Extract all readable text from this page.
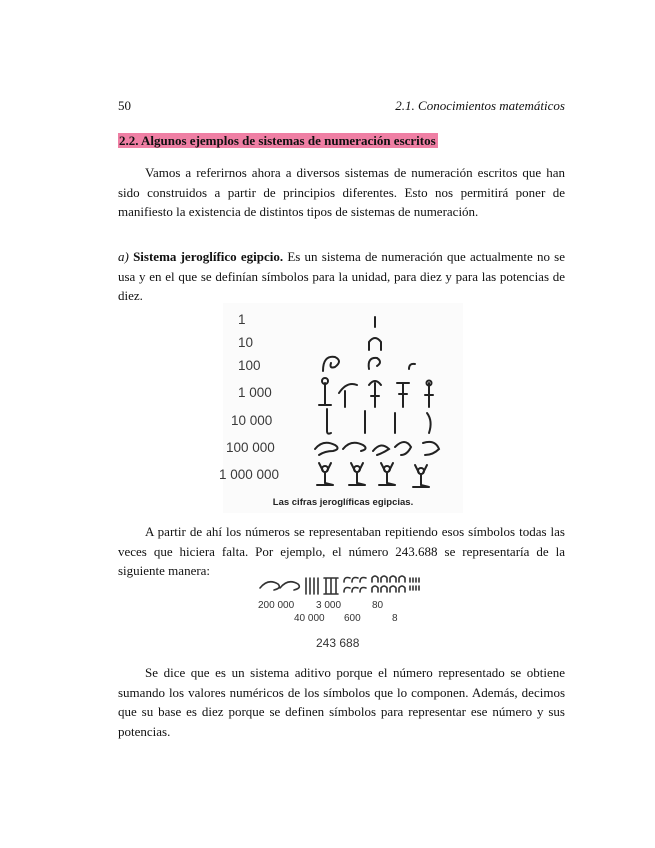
50	2.1. Conocimientos matemáticos
2.2. Algunos ejemplos de sistemas de numeración escritos

Vamos a referirnos ahora a diversos sistemas de numeración escritos que han sido construidos a partir de principios diferentes. Esto nos permitirá poner de manifiesto la existencia de distintos tipos de sistemas de numeración.

a) Sistema jeroglífico egipcio. Es un sistema de numeración que actualmente no se usa y en el que se definían símbolos para la unidad, para diez y para las potencias de diez.

1
10
100
1 000
10 000
100 000
1 000 000
Las cifras jeroglíficas egipcias.

A partir de ahí los números se representaban repitiendo esos símbolos todas las veces que hiciera falta. Por ejemplo, el número 243.688 se representaría de la siguiente manera:

200 000 3 000	80
40 000 600	8
243 688

Se dice que es un sistema aditivo porque el número representado se obtiene sumando los valores numéricos de los símbolos que lo componen. Además, decimos que su base es diez porque se definen símbolos para representar ese número y sus potencias.
